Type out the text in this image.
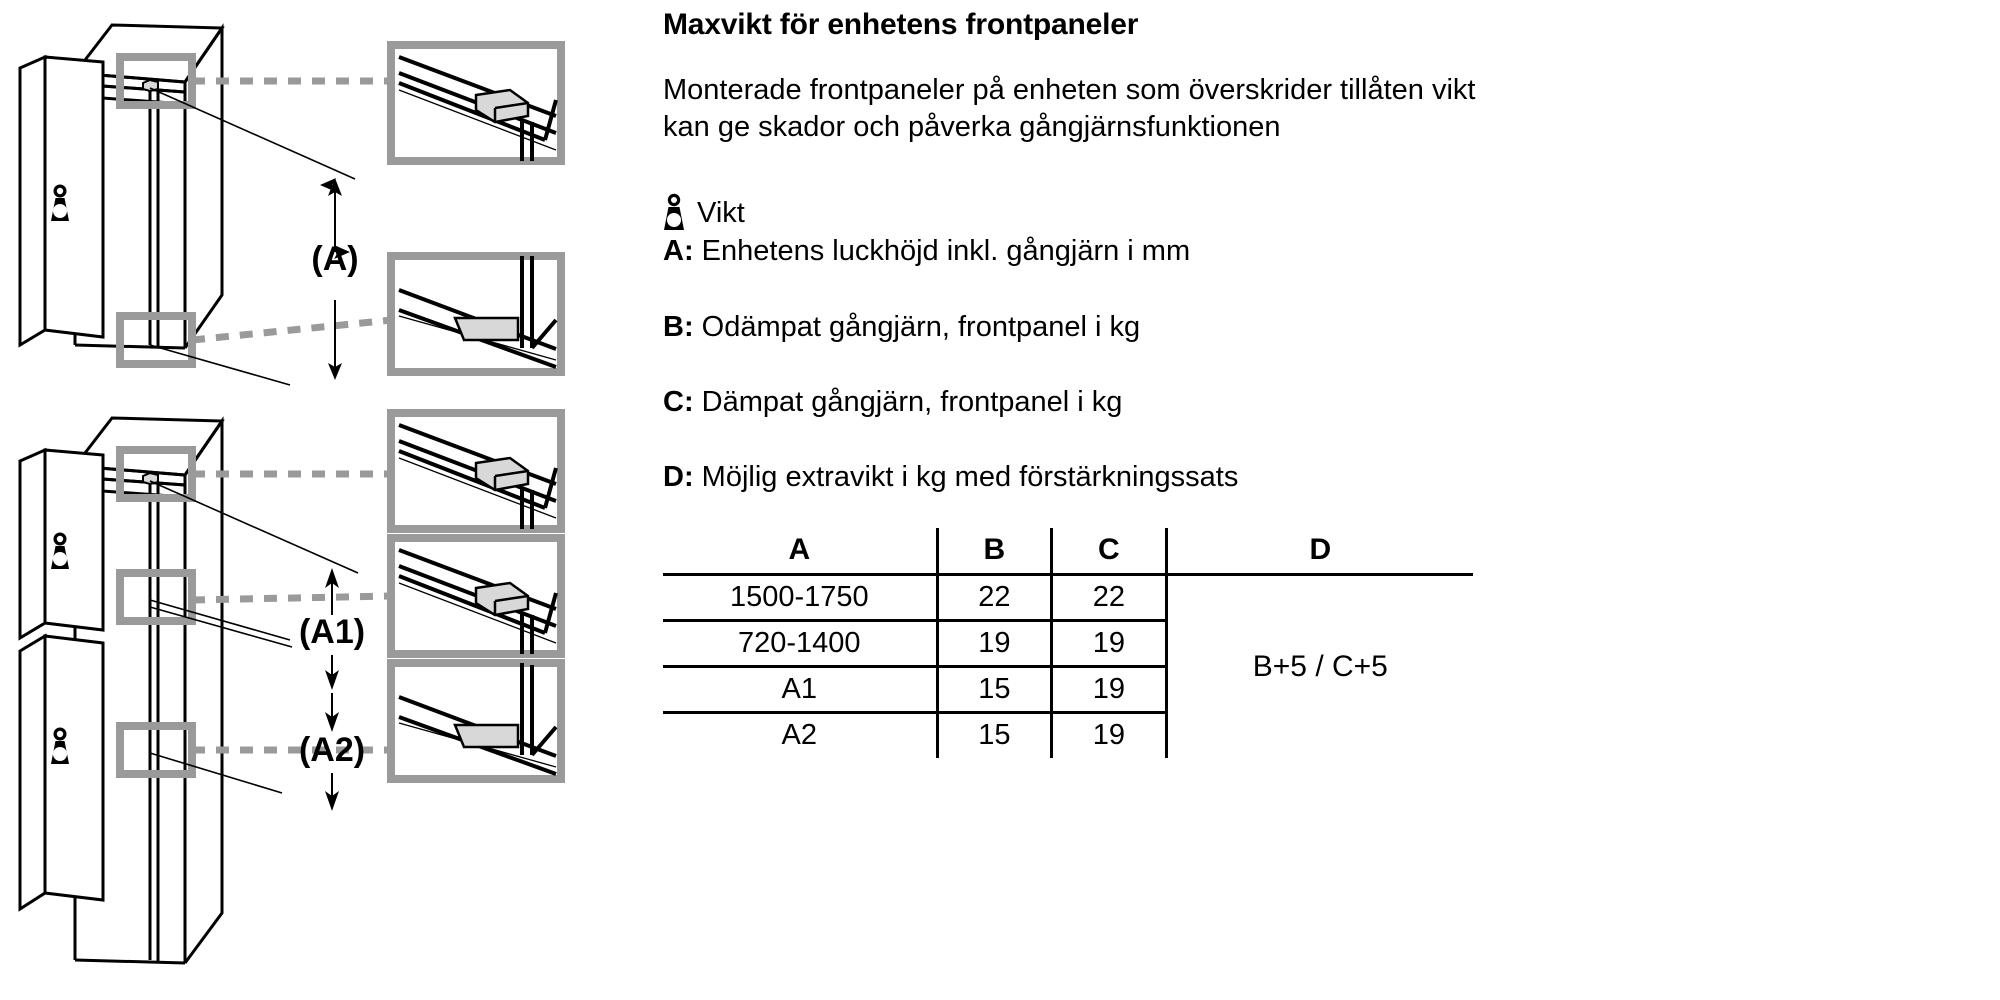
(A)
(A1)
(A2)
Maxvikt för enhetens frontpaneler
Monterade frontpaneler på enheten som överskrider tillåten vikt kan ge skador och påverka gångjärnsfunktionen
Vikt
A: Enhetens luckhöjd inkl. gångjärn i mm
B: Odämpat gångjärn, frontpanel i kg
C: Dämpat gångjärn, frontpanel i kg
D: Möjlig extravikt i kg med förstärkningssats
A	B	C	D
1500-1750	22	22	B+5 / C+5
720-1400	19	19	
A1	15	19	
A2	15	19	
